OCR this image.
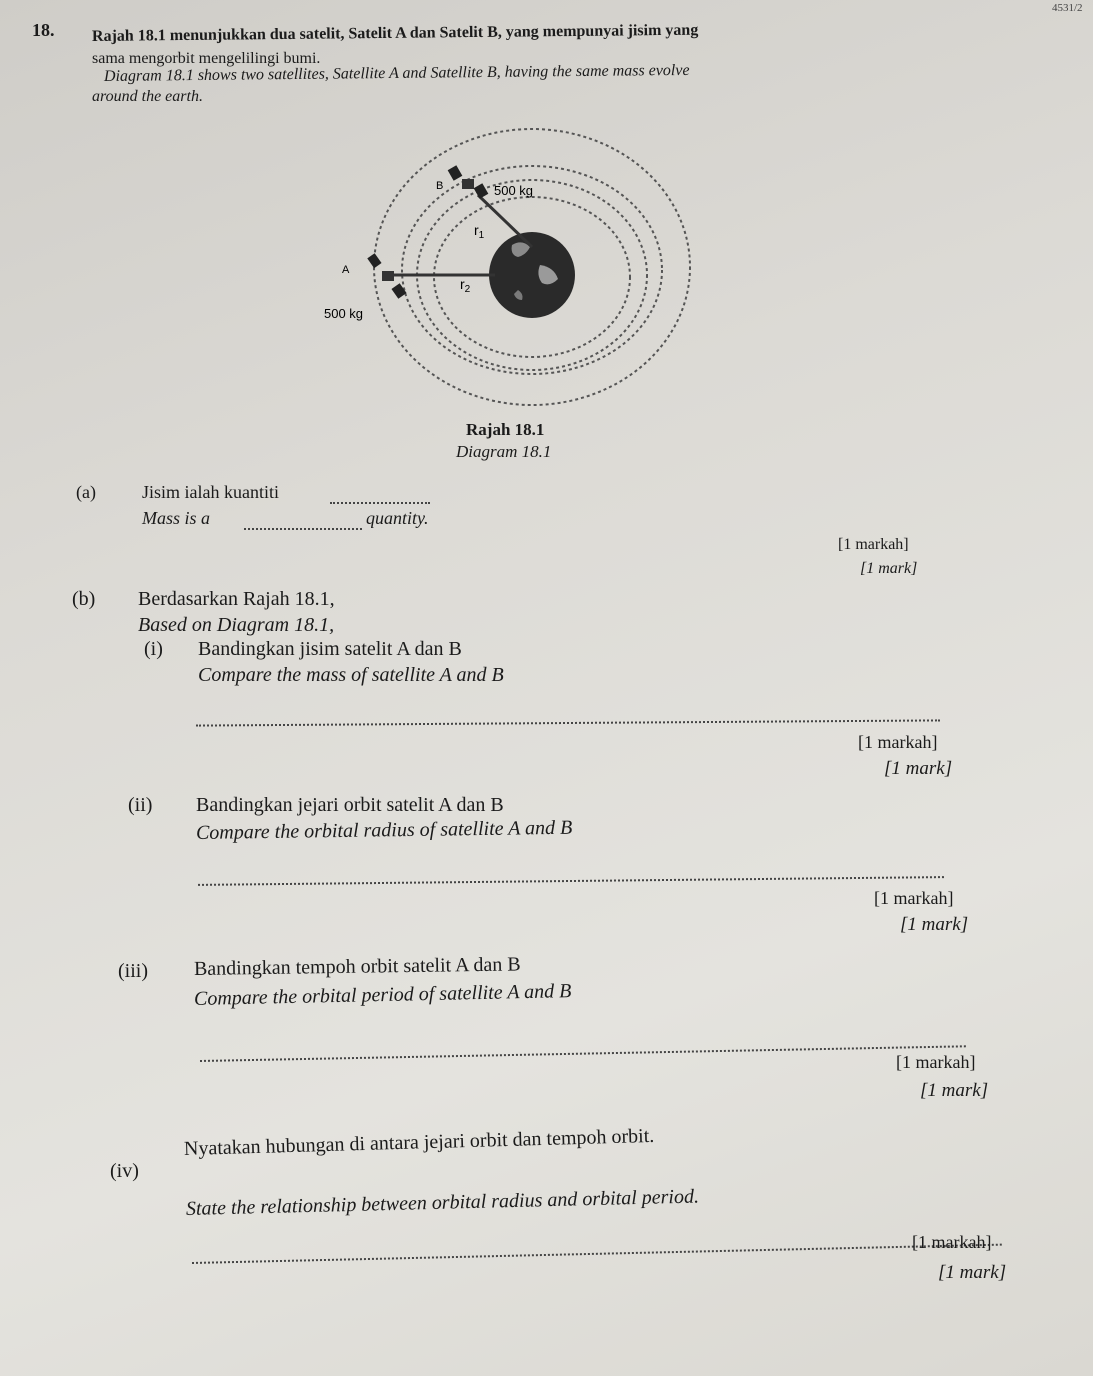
4531/2
18. Rajah 18.1 menunjukkan dua satelit, Satelit A dan Satelit B, yang mempunyai jisim yang
sama mengorbit mengelilingi bumi.
Diagram 18.1 shows two satellites, Satellite A and Satellite B, having the same mass evolve
around the earth.
B	500 kg
$r_1$
A
$r_2$
500 kg
Rajah 18.1
Diagram 18.1
(a)	Jisim ialah kuantiti
Mass is a	quantity.
[1 markah]
[1 mark]
(b) Berdasarkan Rajah 18.1,
Based on Diagram 18.1,
(i) Bandingkan jisim satelit A dan B
Compare the mass of satellite A and B
[1 markah]
[1 mark]
(ii) Bandingkan jejari orbit satelit A dan B
Compare the orbital radius of satellite A and B
[1 markah]
[1 mark]
(iii) Bandingkan tempoh orbit satelit A dan B
Compare the orbital period of satellite A and B
[1 markah]
[1 mark]
(iv)
Nyatakan hubungan di antara jejari orbit dan tempoh orbit.
State the relationship between orbital radius and orbital period.
[1 markah]
[1 mark]
